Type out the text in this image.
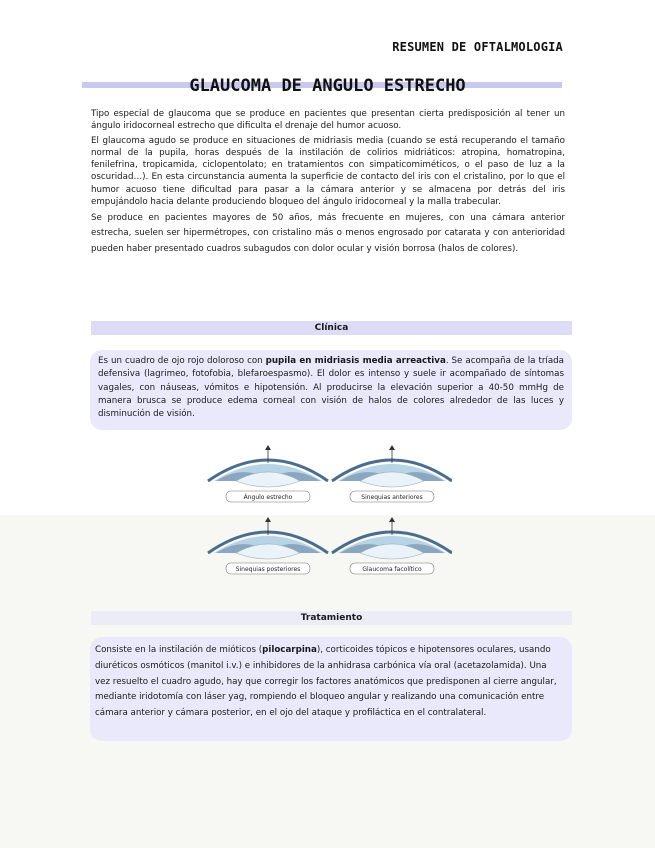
RESUMEN DE OFTALMOLOGIA
GLAUCOMA DE ANGULO ESTRECHO

Tipo especial de glaucoma que se produce en pacientes que presentan cierta predisposición al tener un ángulo iridocorneal estrecho que dificulta el drenaje del humor acuoso.

El glaucoma agudo se produce en situaciones de midriasis media (cuando se está recuperando el tamaño normal de la pupila, horas después de la instilación de colirios midriáticos: atropina, homatropina, fenilefrina, tropicamida, ciclopentolato; en tratamientos con simpaticomiméticos, o el paso de luz a la oscuridad…). En esta circunstancia aumenta la superficie de contacto del iris con el cristalino, por lo que el humor acuoso tiene dificultad para pasar a la cámara anterior y se almacena por detrás del iris empujándolo hacia delante produciendo bloqueo del ángulo iridocorneal y la malla trabecular.

Se produce en pacientes mayores de 50 años, más frecuente en mujeres, con una cámara anterior estrecha, suelen ser hipermétropes, con cristalino más o menos engrosado por catarata y con anterioridad pueden haber presentado cuadros subagudos con dolor ocular y visión borrosa (halos de colores).

Clínica

Es un cuadro de ojo rojo doloroso con pupila en midriasis media arreactiva. Se acompaña de la tríada defensiva (lagrimeo, fotofobia, blefaroespasmo). El dolor es intenso y suele ir acompañado de síntomas vagales, con náuseas, vómitos e hipotensión. Al producirse la elevación superior a 40-50 mmHg de manera brusca se produce edema corneal con visión de halos de colores alrededor de las luces y disminución de visión.

Ángulo estrecho	Sinequias anteriores
Sinequias posteriores	Glaucoma facolítico
Tratamiento

Consiste en la instilación de mióticos (pilocarpina), corticoides tópicos e hipotensores oculares, usando diuréticos osmóticos (manitol i.v.) e inhibidores de la anhidrasa carbónica vía oral (acetazolamida). Una vez resuelto el cuadro agudo, hay que corregir los factores anatómicos que predisponen al cierre angular, mediante iridotomía con láser yag, rompiendo el bloqueo angular y realizando una comunicación entre cámara anterior y cámara posterior, en el ojo del ataque y profiláctica en el contralateral.
